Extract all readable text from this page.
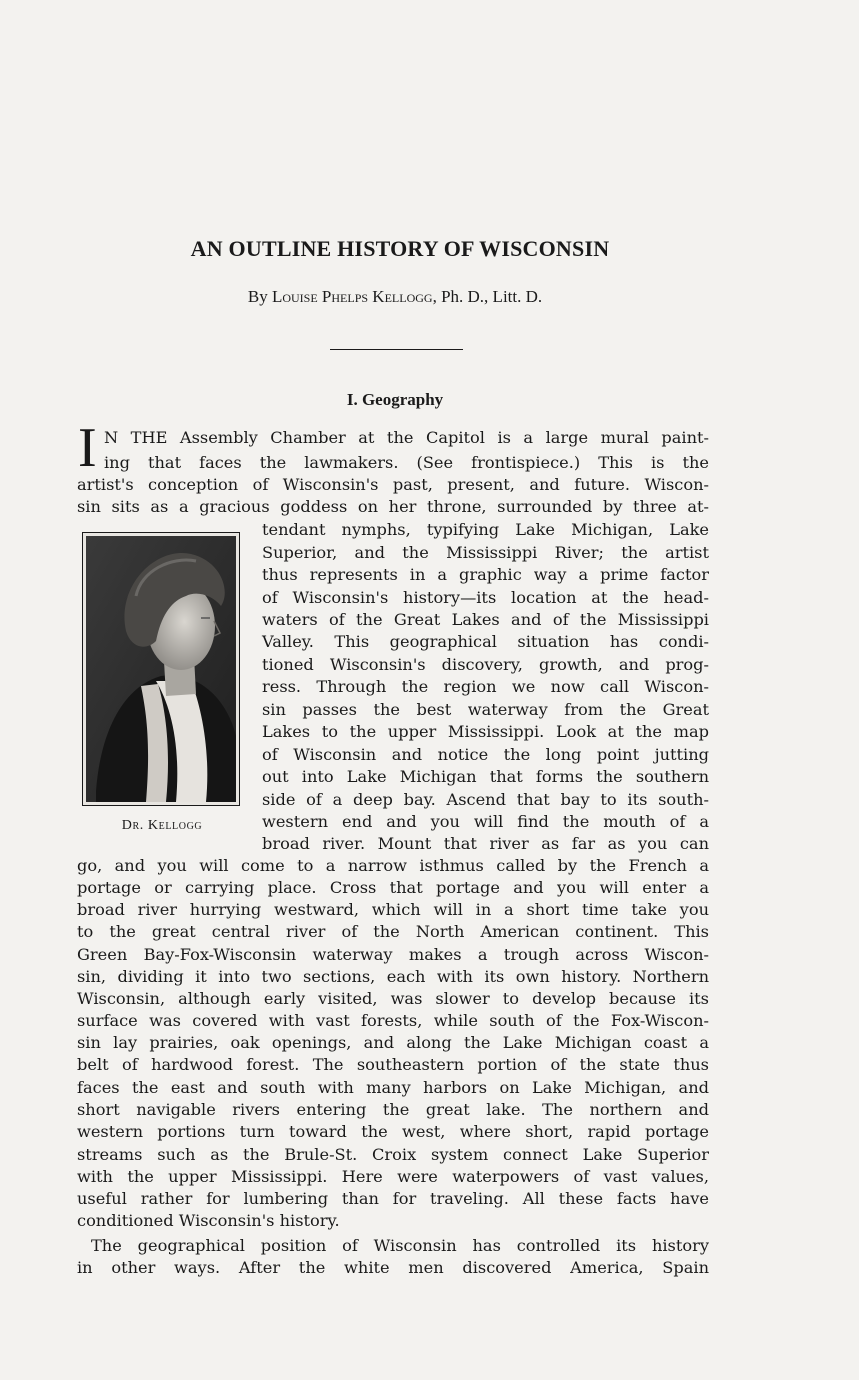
AN OUTLINE HISTORY OF WISCONSIN
By Louise Phelps Kellogg, Ph. D., Litt. D.
I. Geography
I N THE Assembly Chamber at the Capitol is a large mural paint-
ing that faces the lawmakers. (See frontispiece.) This is the
artist's conception of Wisconsin's past, present, and future. Wiscon-
sin sits as a gracious goddess on her throne, surrounded by three at-
tendant nymphs, typifying Lake Michigan, Lake
Superior, and the Mississippi River; the artist
thus represents in a graphic way a prime factor
of Wisconsin's history—its location at the head-
waters of the Great Lakes and of the Mississippi
Valley. This geographical situation has condi-
tioned Wisconsin's discovery, growth, and prog-
ress. Through the region we now call Wiscon-
sin passes the best waterway from the Great
Lakes to the upper Mississippi. Look at the map
of Wisconsin and notice the long point jutting
out into Lake Michigan that forms the southern
side of a deep bay. Ascend that bay to its south-
western end and you will find the mouth of a
broad river. Mount that river as far as you can
Dr. Kellogg
go, and you will come to a narrow isthmus called by the French a
portage or carrying place. Cross that portage and you will enter a
broad river hurrying westward, which will in a short time take you
to the great central river of the North American continent. This
Green Bay-Fox-Wisconsin waterway makes a trough across Wiscon-
sin, dividing it into two sections, each with its own history. Northern
Wisconsin, although early visited, was slower to develop because its
surface was covered with vast forests, while south of the Fox-Wiscon-
sin lay prairies, oak openings, and along the Lake Michigan coast a
belt of hardwood forest. The southeastern portion of the state thus
faces the east and south with many harbors on Lake Michigan, and
short navigable rivers entering the great lake. The northern and
western portions turn toward the west, where short, rapid portage
streams such as the Brule-St. Croix system connect Lake Superior
with the upper Mississippi. Here were waterpowers of vast values,
useful rather for lumbering than for traveling. All these facts have
conditioned Wisconsin's history.
The geographical position of Wisconsin has controlled its history
in other ways. After the white men discovered America, Spain
